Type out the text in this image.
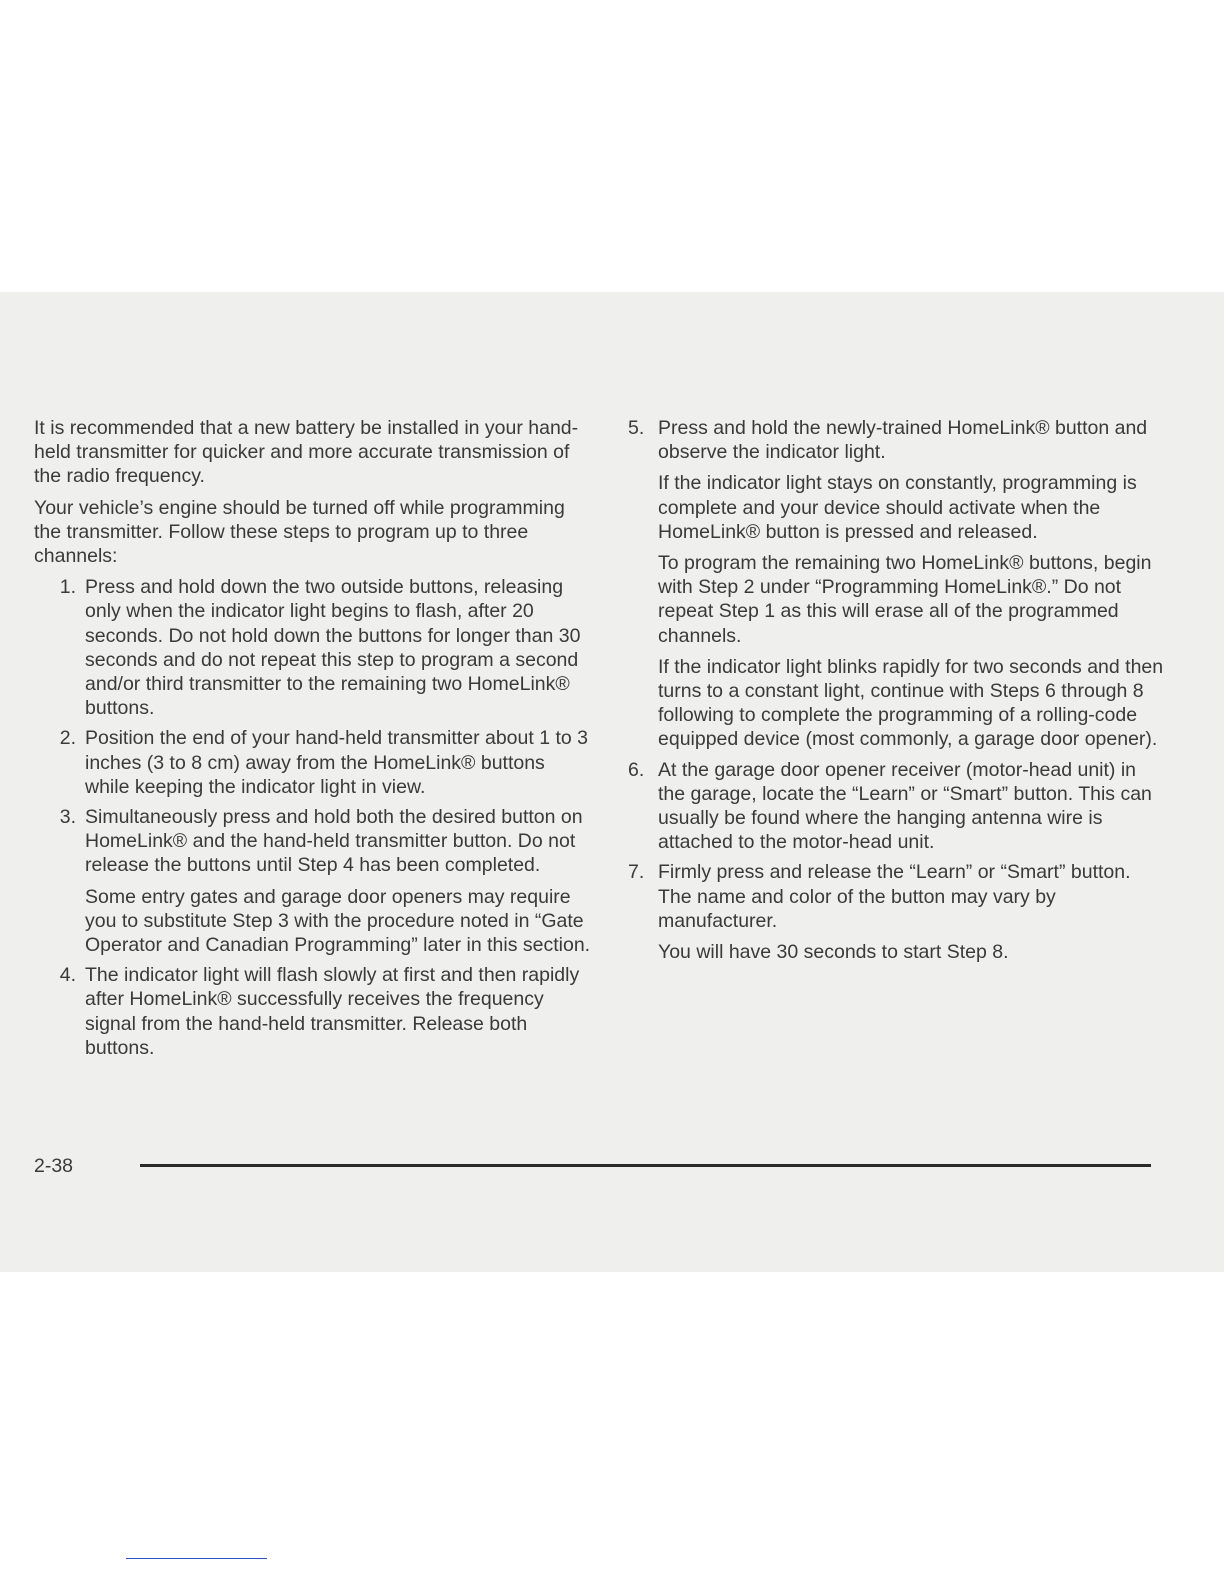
It is recommended that a new battery be installed in your hand-held transmitter for quicker and more accurate transmission of the radio frequency.

Your vehicle’s engine should be turned off while programming the transmitter. Follow these steps to program up to three channels:

1. Press and hold down the two outside buttons, releasing only when the indicator light begins to flash, after 20 seconds. Do not hold down the buttons for longer than 30 seconds and do not repeat this step to program a second and/or third transmitter to the remaining two HomeLink® buttons.

2. Position the end of your hand-held transmitter about 1 to 3 inches (3 to 8 cm) away from the HomeLink® buttons while keeping the indicator light in view.

3. Simultaneously press and hold both the desired button on HomeLink® and the hand-held transmitter button. Do not release the buttons until Step 4 has been completed.

Some entry gates and garage door openers may require you to substitute Step 3 with the procedure noted in “Gate Operator and Canadian Programming” later in this section.

4. The indicator light will flash slowly at first and then rapidly after HomeLink® successfully receives the frequency signal from the hand-held transmitter. Release both buttons.

5. Press and hold the newly-trained HomeLink® button and observe the indicator light.

If the indicator light stays on constantly, programming is complete and your device should activate when the HomeLink® button is pressed and released.

To program the remaining two HomeLink® buttons, begin with Step 2 under “Programming HomeLink®.” Do not repeat Step 1 as this will erase all of the programmed channels.

If the indicator light blinks rapidly for two seconds and then turns to a constant light, continue with Steps 6 through 8 following to complete the programming of a rolling-code equipped device (most commonly, a garage door opener).

6. At the garage door opener receiver (motor-head unit) in the garage, locate the “Learn” or “Smart” button. This can usually be found where the hanging antenna wire is attached to the motor-head unit.

7. Firmly press and release the “Learn” or “Smart” button. The name and color of the button may vary by manufacturer.

You will have 30 seconds to start Step 8.

2-38
